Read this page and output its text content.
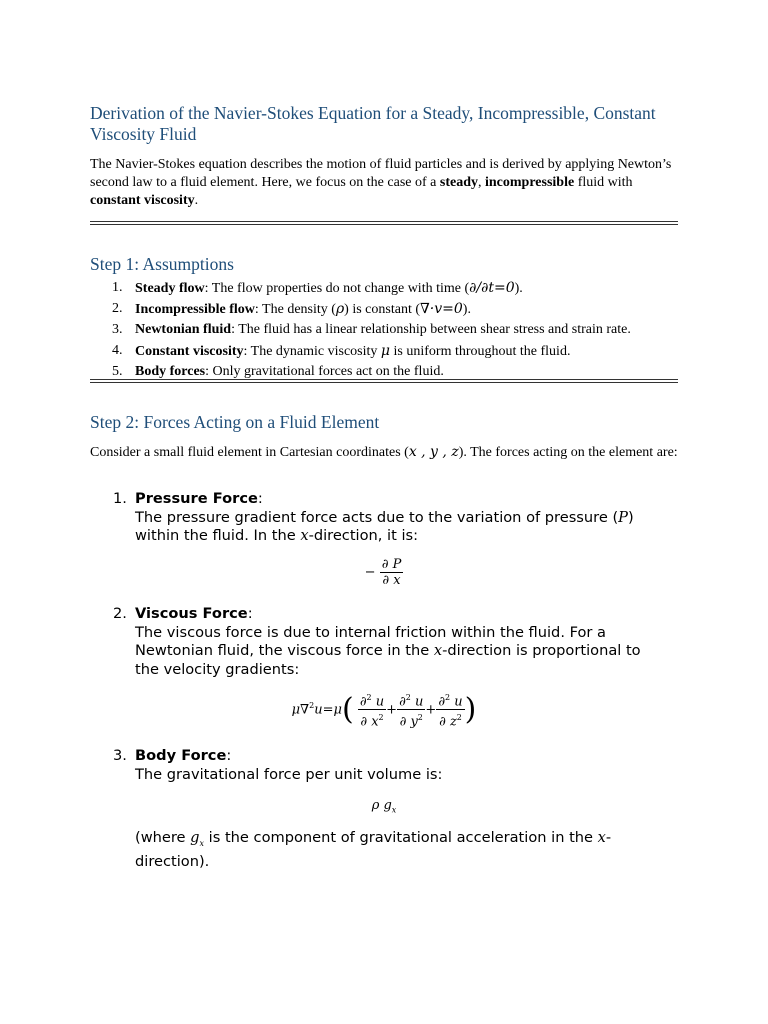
Derivation of the Navier-Stokes Equation for a Steady, Incompressible, Constant Viscosity Fluid
The Navier-Stokes equation describes the motion of fluid particles and is derived by applying Newton’s second law to a fluid element. Here, we focus on the case of a steady, incompressible fluid with constant viscosity.
Step 1: Assumptions
1. Steady flow: The flow properties do not change with time (∂/∂t=0).
2. Incompressible flow: The density (ρ) is constant (∇·v=0).
3. Newtonian fluid: The fluid has a linear relationship between shear stress and strain rate.
4. Constant viscosity: The dynamic viscosity μ is uniform throughout the fluid.
5. Body forces: Only gravitational forces act on the fluid.
Step 2: Forces Acting on a Fluid Element
Consider a small fluid element in Cartesian coordinates (x , y , z). The forces acting on the element are:
1. Pressure Force:
The pressure gradient force acts due to the variation of pressure (P)
within the fluid. In the x-direction, it is:
− $\frac{\partial P}{\partial x}$
2. Viscous Force:
The viscous force is due to internal friction within the fluid. For a Newtonian fluid, the viscous force in the x-direction is proportional to the velocity gradients:
$\mu\nabla^2u=\mu( \frac{\partial^2 u}{\partial x^2} + \frac{\partial^2 u}{\partial y^2} + \frac{\partial^2 u}{\partial z^2}$ )
3. Body Force:
The gravitational force per unit volume is:
ρ $g_x$
(where $g_x$ is the component of gravitational acceleration in the x-direction).
